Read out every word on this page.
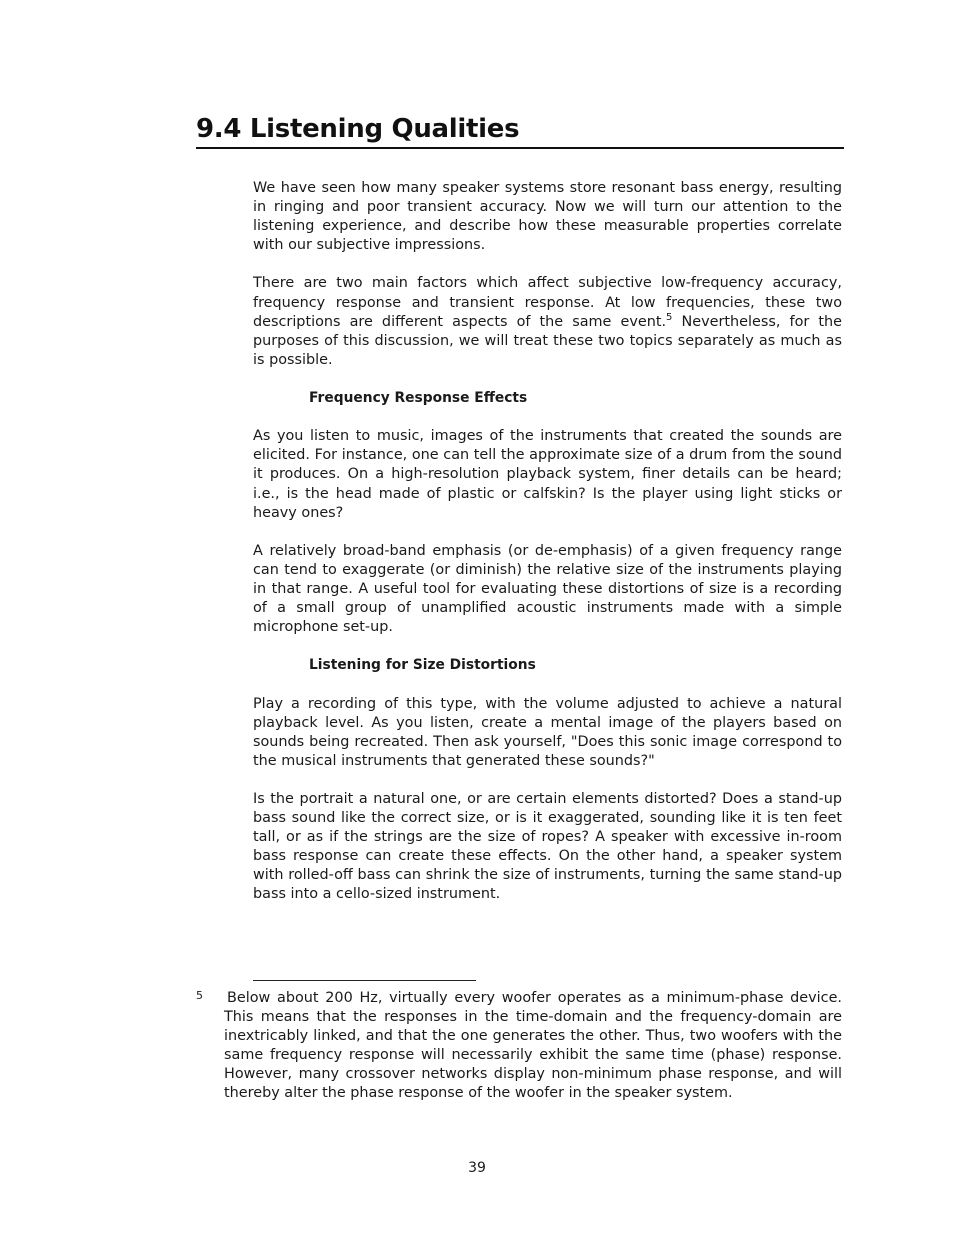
9.4 Listening Qualities

We have seen how many speaker systems store resonant bass energy, resulting in ringing and poor transient accuracy. Now we will turn our attention to the listening experience, and describe how these measurable properties correlate with our subjective impressions.

There are two main factors which affect subjective low-frequency accuracy, frequency response and transient response. At low frequencies, these two descriptions are different aspects of the same event.$^5$ Nevertheless, for the purposes of this discussion, we will treat these two topics separately as much as is possible.

Frequency Response Effects

As you listen to music, images of the instruments that created the sounds are elicited. For instance, one can tell the approximate size of a drum from the sound it produces. On a high-resolution playback system, finer details can be heard; i.e., is the head made of plastic or calfskin? Is the player using light sticks or heavy ones?

A relatively broad-band emphasis (or de-emphasis) of a given frequency range can tend to exaggerate (or diminish) the relative size of the instruments playing in that range. A useful tool for evaluating these distortions of size is a recording of a small group of unamplified acoustic instruments made with a simple microphone set-up.

Listening for Size Distortions

Play a recording of this type, with the volume adjusted to achieve a natural playback level. As you listen, create a mental image of the players based on sounds being recreated. Then ask yourself, "Does this sonic image correspond to the musical instruments that generated these sounds?"

Is the portrait a natural one, or are certain elements distorted? Does a stand-up bass sound like the correct size, or is it exaggerated, sounding like it is ten feet tall, or as if the strings are the size of ropes? A speaker with excessive in-room bass response can create these effects. On the other hand, a speaker system with rolled-off bass can shrink the size of instruments, turning the same stand-up bass into a cello-sized instrument.

5 Below about 200 Hz, virtually every woofer operates as a minimum-phase device. This means that the responses in the time-domain and the frequency-domain are inextricably linked, and that the one generates the other. Thus, two woofers with the same frequency response will necessarily exhibit the same time (phase) response. However, many crossover networks display non-minimum phase response, and will thereby alter the phase response of the woofer in the speaker system.

39
